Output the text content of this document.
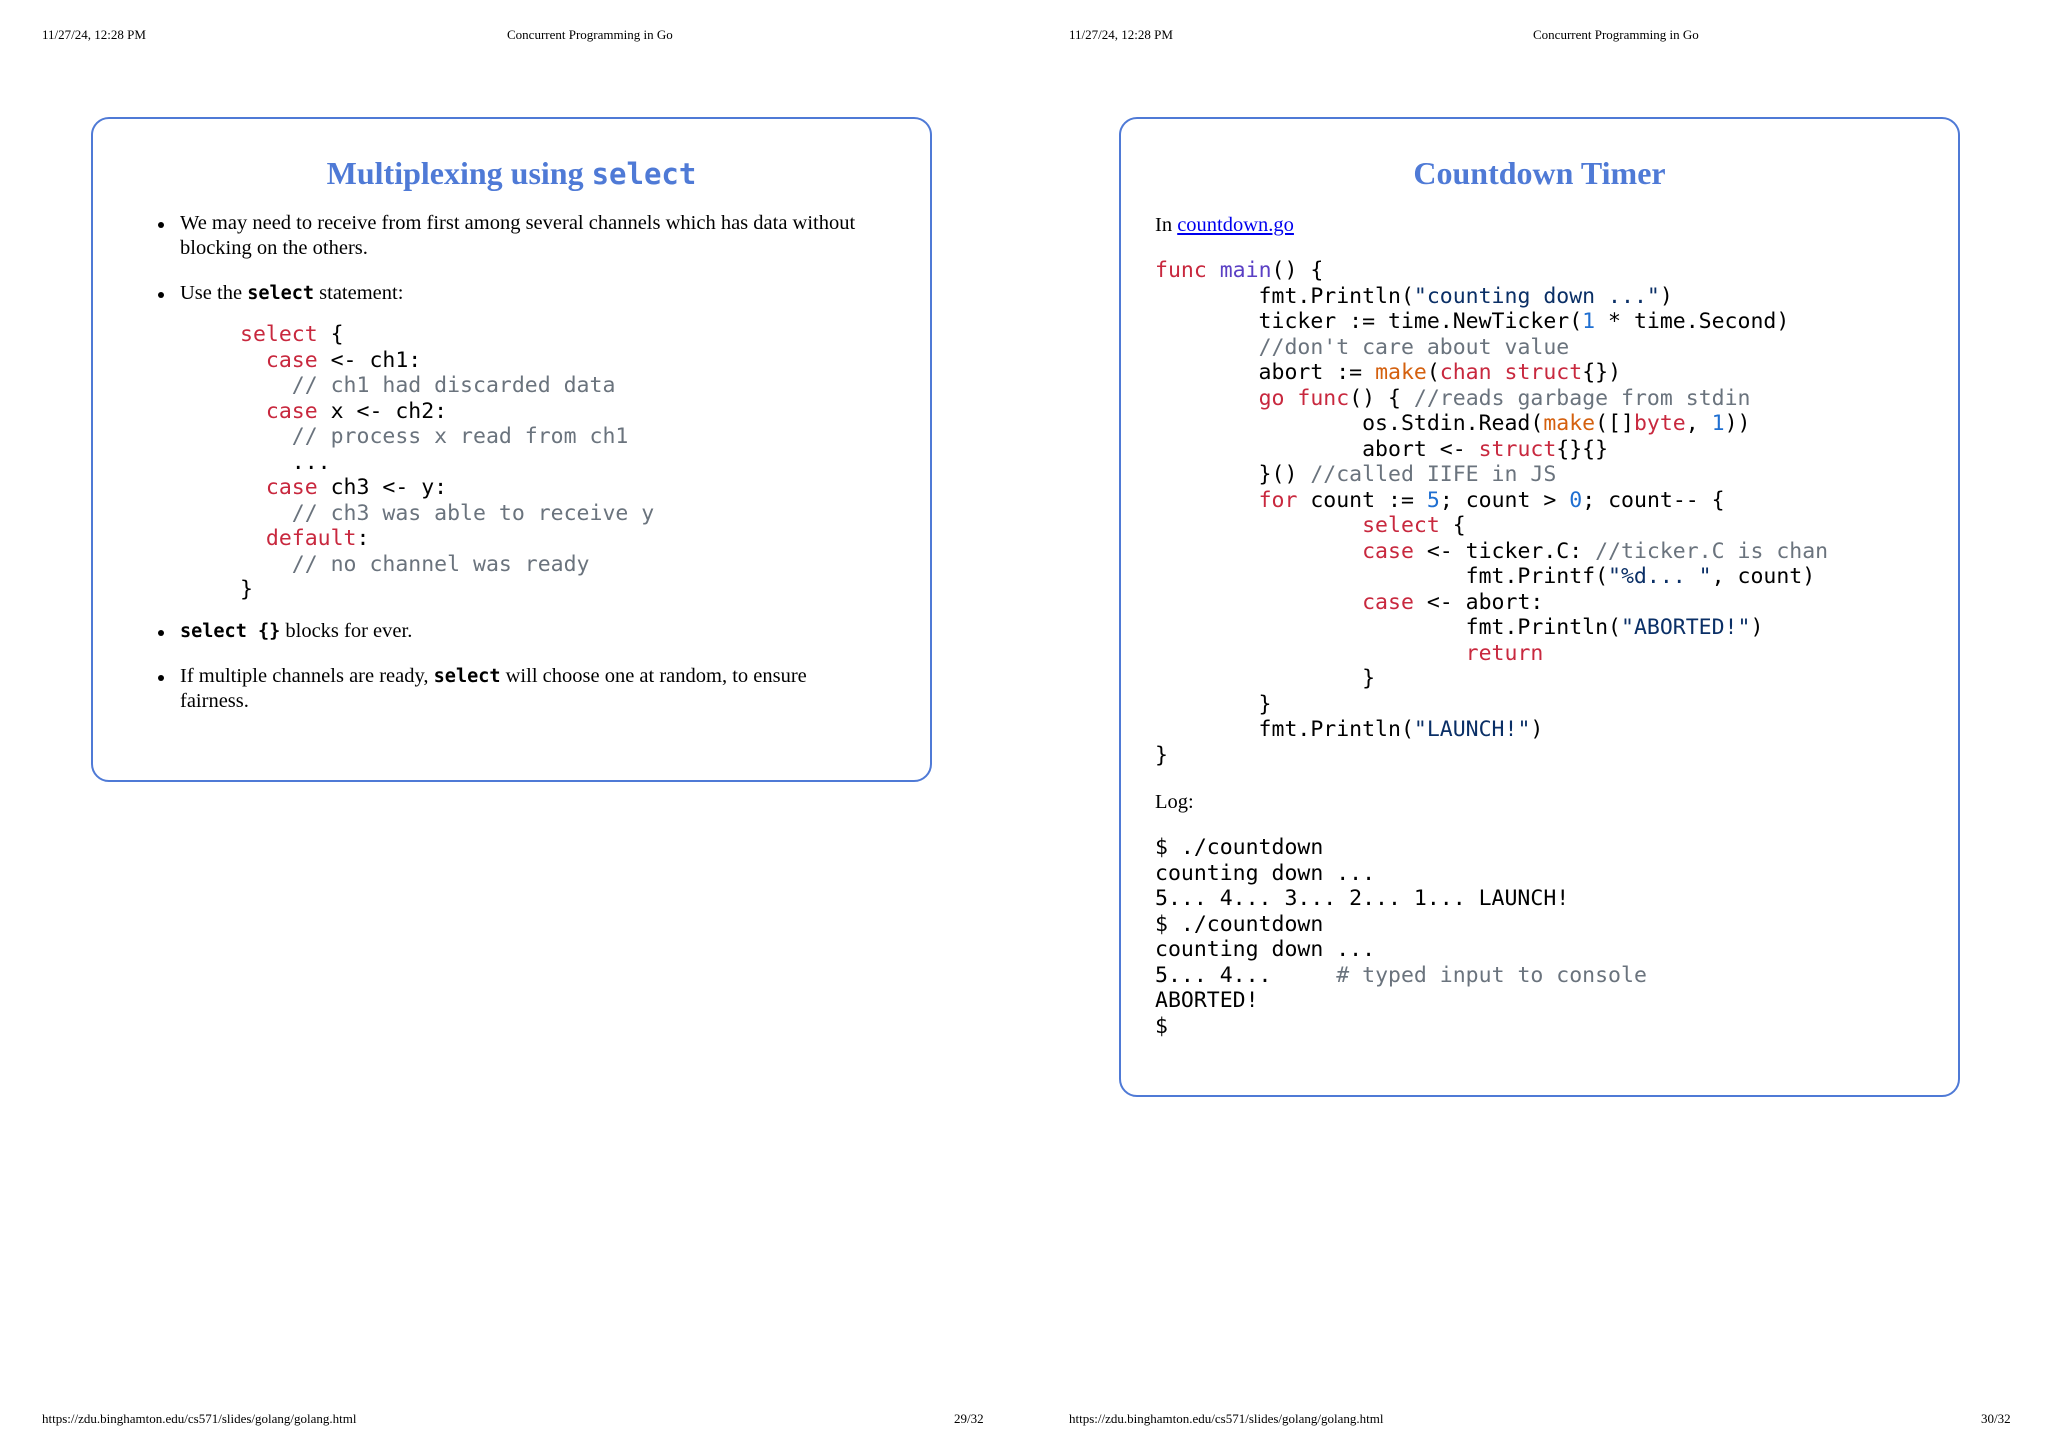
11/27/24, 12:28 PM	Concurrent Programming in Go	11/27/24, 12:28 PM	Concurrent Programming in Go
Multiplexing using select
We may need to receive from first among several channels which has data without blocking on the others.
Use the select statement:
select {
case <- ch1:
// ch1 had discarded data
case x <- ch2:
// process x read from ch1
...
case ch3 <- y:
// ch3 was able to receive y
default:
// no channel was ready
}
select {} blocks for ever.
If multiple channels are ready, select will choose one at random, to ensure fairness.
Countdown Timer
In countdown.go
func main() {
fmt.Println("counting down ...")
ticker := time.NewTicker(1 * time.Second)
//don't care about value
abort := make(chan struct{})
go func() { //reads garbage from stdin
os.Stdin.Read(make([]byte, 1))
abort <- struct{}{}
}() //called IIFE in JS
for count := 5; count > 0; count-- {
select {
case <- ticker.C: //ticker.C is chan
fmt.Printf("%d... ", count)
case <- abort:
fmt.Println("ABORTED!")
return
}
}
fmt.Println("LAUNCH!")
}
Log:
$ ./countdown
counting down ...
5... 4... 3... 2... 1... LAUNCH!
$ ./countdown
counting down ...
5... 4...	# typed input to console
ABORTED!
$
https://zdu.binghamton.edu/cs571/slides/golang/golang.html	29/32	https://zdu.binghamton.edu/cs571/slides/golang/golang.html	30/32
